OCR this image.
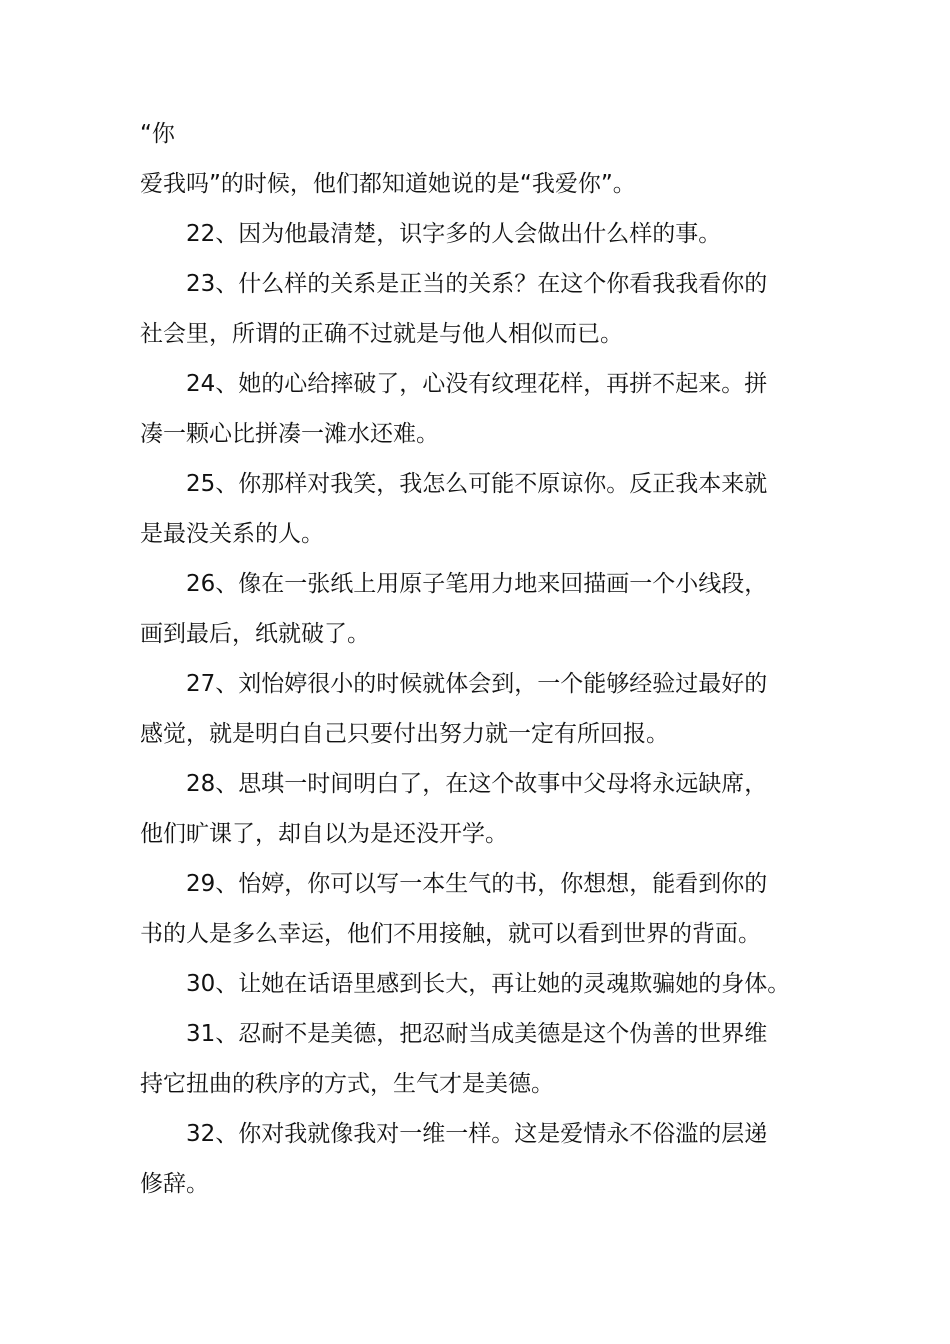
“你

爱我吗”的时候，他们都知道她说的是“我爱你”。

22、因为他最清楚，识字多的人会做出什么样的事。

23、什么样的关系是正当的关系？在这个你看我我看你的

社会里，所谓的正确不过就是与他人相似而已。

24、她的心给摔破了，心没有纹理花样，再拼不起来。拼

凑一颗心比拼凑一滩水还难。

25、你那样对我笑，我怎么可能不原谅你。反正我本来就

是最没关系的人。

26、像在一张纸上用原子笔用力地来回描画一个小线段，

画到最后，纸就破了。

27、刘怡婷很小的时候就体会到，一个能够经验过最好的

感觉，就是明白自己只要付出努力就一定有所回报。

28、思琪一时间明白了，在这个故事中父母将永远缺席，

他们旷课了，却自以为是还没开学。

29、怡婷，你可以写一本生气的书，你想想，能看到你的

书的人是多么幸运，他们不用接触，就可以看到世界的背面。

30、让她在话语里感到长大，再让她的灵魂欺骗她的身体。

31、忍耐不是美德，把忍耐当成美德是这个伪善的世界维

持它扭曲的秩序的方式，生气才是美德。

32、你对我就像我对一维一样。这是爱情永不俗滥的层递

修辞。
